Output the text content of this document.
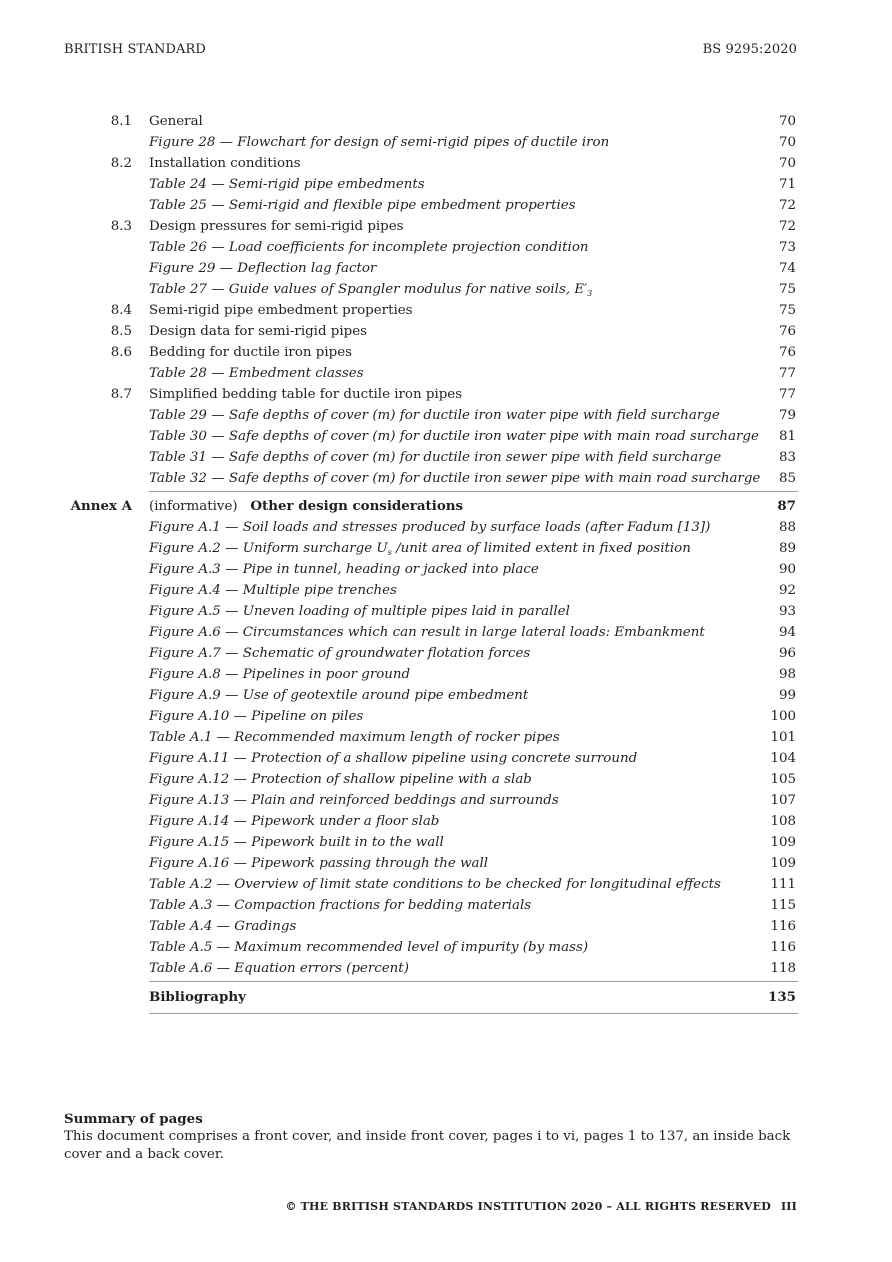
BRITISH STANDARD	BS 9295:2020
8.1 General	70
Figure 28 — Flowchart for design of semi-rigid pipes of ductile iron	70
8.2 Installation conditions	70
Table 24 — Semi-rigid pipe embedments	71
Table 25 — Semi-rigid and flexible pipe embedment properties	72
8.3 Design pressures for semi-rigid pipes	72
Table 26 — Load coefficients for incomplete projection condition	73
Figure 29 — Deflection lag factor	74
Table 27 — Guide values of Spangler modulus for native soils, $E'_3$	75
8.4 Semi-rigid pipe embedment properties	75
8.5 Design data for semi-rigid pipes	76
8.6 Bedding for ductile iron pipes	76
Table 28 — Embedment classes	77
8.7 Simplified bedding table for ductile iron pipes	77
Table 29 — Safe depths of cover (m) for ductile iron water pipe with field surcharge	79
Table 30 — Safe depths of cover (m) for ductile iron water pipe with main road surcharge 81
Table 31 — Safe depths of cover (m) for ductile iron sewer pipe with field surcharge	83
Table 32 — Safe depths of cover (m) for ductile iron sewer pipe with main road surcharge 85
Annex A (informative) Other design considerations	87
Figure A.1 — Soil loads and stresses produced by surface loads (after Fadum [13])	88
Figure A.2 — Uniform surcharge $U_s$ /unit area of limited extent in fixed position	89
Figure A.3 — Pipe in tunnel, heading or jacked into place	90
Figure A.4 — Multiple pipe trenches	92
Figure A.5 — Uneven loading of multiple pipes laid in parallel	93
Figure A.6 — Circumstances which can result in large lateral loads: Embankment	94
Figure A.7 — Schematic of groundwater flotation forces	96
Figure A.8 — Pipelines in poor ground	98
Figure A.9 — Use of geotextile around pipe embedment	99
Figure A.10 — Pipeline on piles	100
Table A.1 — Recommended maximum length of rocker pipes	101
Figure A.11 — Protection of a shallow pipeline using concrete surround	104
Figure A.12 — Protection of shallow pipeline with a slab	105
Figure A.13 — Plain and reinforced beddings and surrounds	107
Figure A.14 — Pipework under a floor slab	108
Figure A.15 — Pipework built in to the wall	109
Figure A.16 — Pipework passing through the wall	109
Table A.2 — Overview of limit state conditions to be checked for longitudinal effects	111
Table A.3 — Compaction fractions for bedding materials	115
Table A.4 — Gradings	116
Table A.5 — Maximum recommended level of impurity (by mass)	116
Table A.6 — Equation errors (percent)	118
Bibliography	135
Summary of pages
This document comprises a front cover, and inside front cover, pages i to vi, pages 1 to 137, an inside back cover and a back cover.
© THE BRITISH STANDARDS INSTITUTION 2020 – ALL RIGHTS RESERVED III
